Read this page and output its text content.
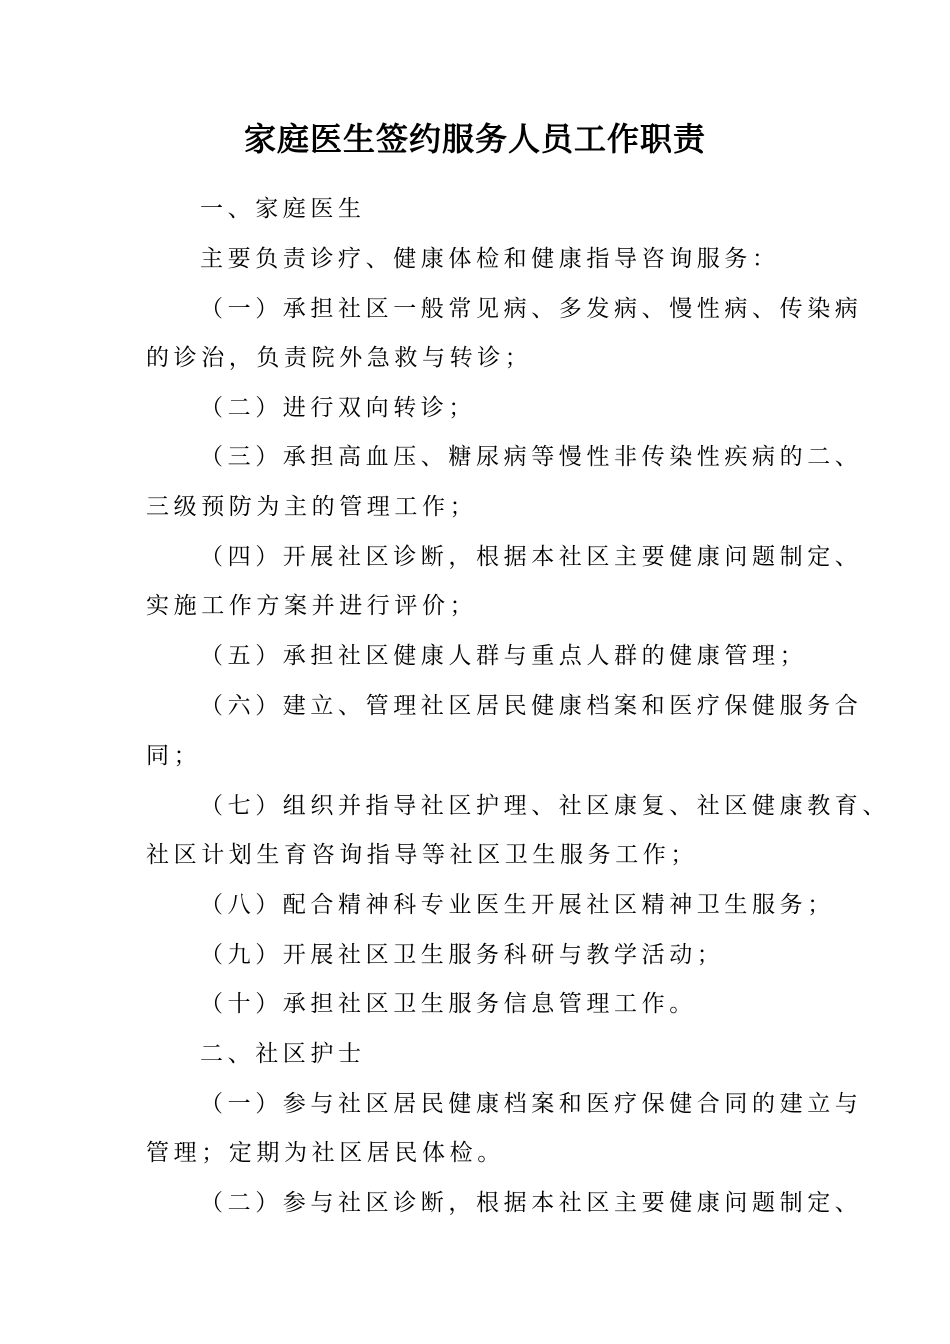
家庭医生签约服务人员工作职责
一、家庭医生
主要负责诊疗、健康体检和健康指导咨询服务：
（一）承担社区一般常见病、多发病、慢性病、传染病
的诊治，负责院外急救与转诊；
（二）进行双向转诊；
（三）承担高血压、糖尿病等慢性非传染性疾病的二、
三级预防为主的管理工作；
（四）开展社区诊断，根据本社区主要健康问题制定、
实施工作方案并进行评价；
（五）承担社区健康人群与重点人群的健康管理；
（六）建立、管理社区居民健康档案和医疗保健服务合
同；
（七）组织并指导社区护理、社区康复、社区健康教育、
社区计划生育咨询指导等社区卫生服务工作；
（八）配合精神科专业医生开展社区精神卫生服务；
（九）开展社区卫生服务科研与教学活动；
（十）承担社区卫生服务信息管理工作。
二、社区护士
（一）参与社区居民健康档案和医疗保健合同的建立与
管理；定期为社区居民体检。
（二）参与社区诊断，根据本社区主要健康问题制定、
